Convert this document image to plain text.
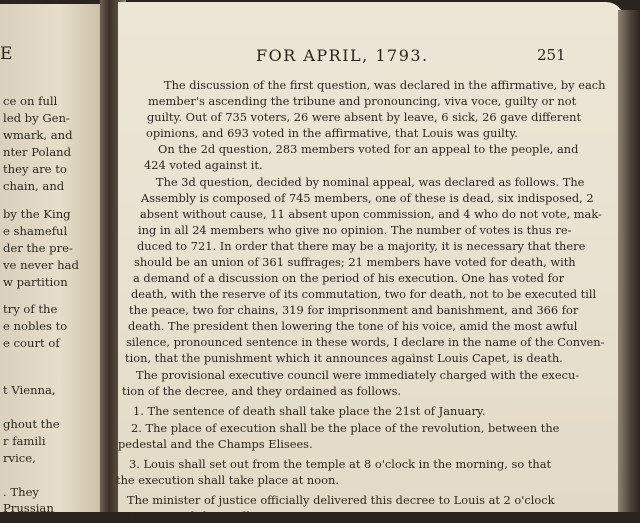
E
ce on full
led by Gen-
wmark, and
nter Poland
they are to
chain, and
by the King
e shameful
der the pre-
ve never had
w partition
try of the
e nobles to
e court of
t Vienna,
ghout the
r famili
rvice,
. They
Prussian
FOR APRIL, 1793.	251
The discussion of the first question, was declared in the affirmative, by each
member's ascending the tribune and pronouncing, viva voce, guilty or not
guilty. Out of 735 voters, 26 were absent by leave, 6 sick, 26 gave different
opinions, and 693 voted in the affirmative, that Louis was guilty.
On the 2d question, 283 members voted for an appeal to the people, and
424 voted against it.
The 3d question, decided by nominal appeal, was declared as follows. The
Assembly is composed of 745 members, one of these is dead, six indisposed, 2
absent without cause, 11 absent upon commission, and 4 who do not vote, mak-
ing in all 24 members who give no opinion. The number of votes is thus re-
duced to 721. In order that there may be a majority, it is necessary that there
should be an union of 361 suffrages; 21 members have voted for death, with
a demand of a discussion on the period of his execution. One has voted for
death, with the reserve of its commutation, two for death, not to be executed till
the peace, two for chains, 319 for imprisonment and banishment, and 366 for
death. The president then lowering the tone of his voice, amid the most awful
silence, pronounced sentence in these words, I declare in the name of the Conven-
tion, that the punishment which it announces against Louis Capet, is death.
The provisional executive council were immediately charged with the execu-
tion of the decree, and they ordained as follows.
1. The sentence of death shall take place the 21st of January.
2. The place of execution shall be the place of the revolution, between the
pedestal and the Champs Elisees.
3. Louis shall set out from the temple at 8 o'clock in the morning, so that
the execution shall take place at noon.
The minister of justice officially delivered this decree to Louis at 2 o'clock
He received the intelli
